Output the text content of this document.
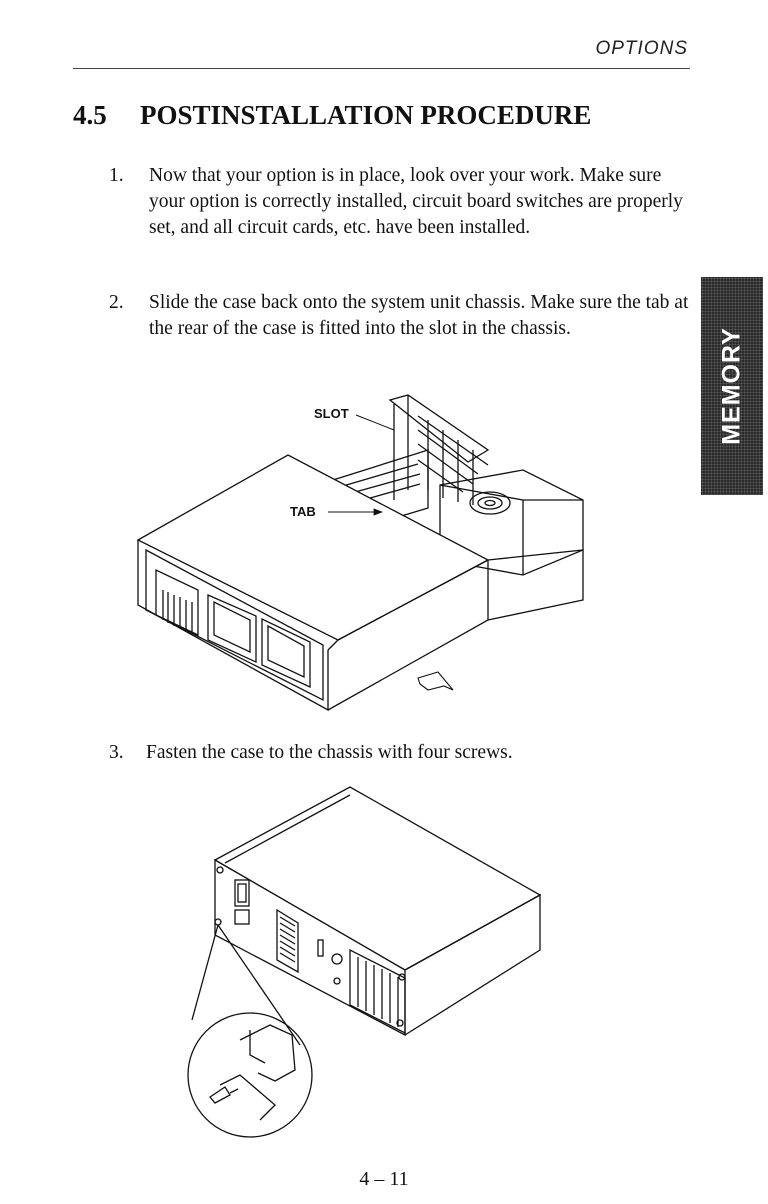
OPTIONS
4.5 POSTINSTALLATION PROCEDURE
1. Now that your option is in place, look over your work. Make sure your option is correctly installed, circuit board switches are properly set, and all circuit cards, etc. have been installed.
2. Slide the case back onto the system unit chassis. Make sure the tab at the rear of the case is fitted into the slot in the chassis.	MEMORY
SLOT
TAB
3. Fasten the case to the chassis with four screws.
4 – 11
